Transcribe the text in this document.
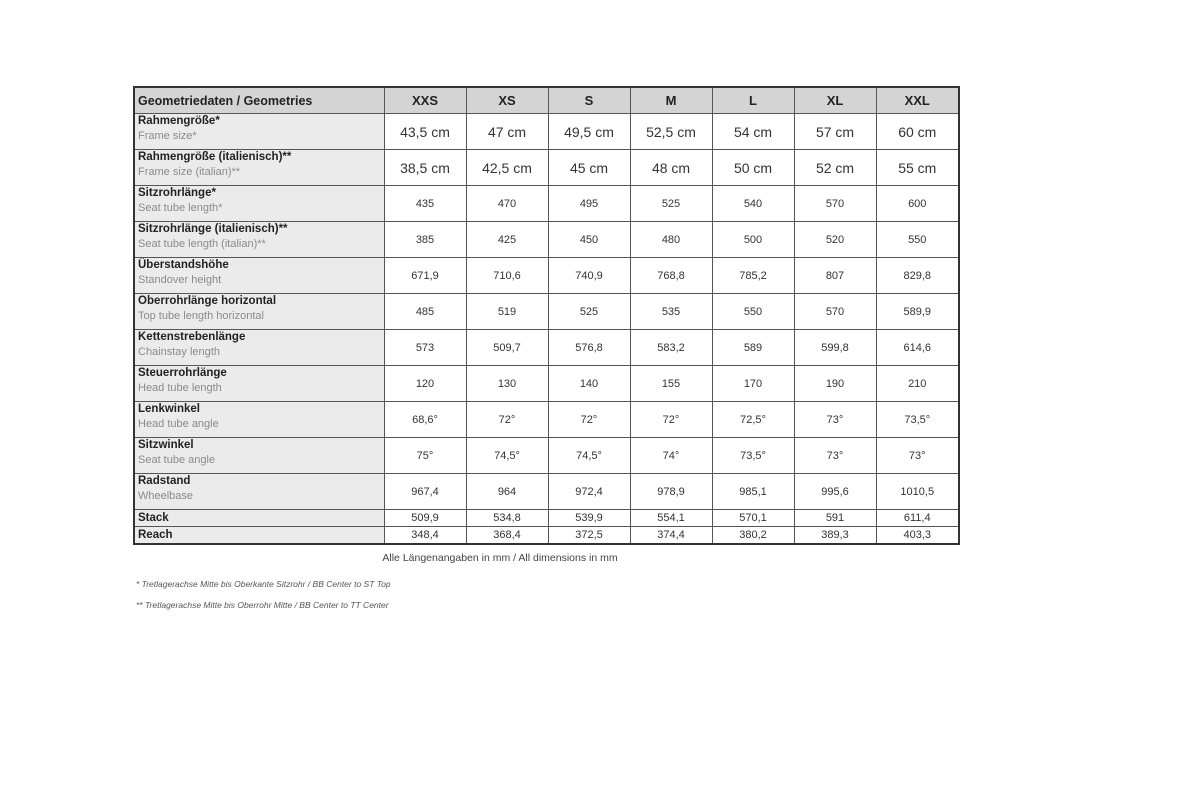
Geometriedaten / Geometries	XXS	XS	S	M	L	XL	XXL

Rahmengröße*
Frame size*	43,5 cm	47 cm	49,5 cm	52,5 cm	54 cm	57 cm	60 cm

Rahmengröße (italienisch)**
Frame size (italian)**	38,5 cm	42,5 cm	45 cm	48 cm	50 cm	52 cm	55 cm

Sitzrohrlänge*
Seat tube length*	435	470	495	525	540	570	600

Sitzrohrlänge (italienisch)**
Seat tube length (italian)**	385	425	450	480	500	520	550

Überstandshöhe
Standover height	671,9	710,6	740,9	768,8	785,2	807	829,8

Oberrohrlänge horizontal
Top tube length horizontal	485	519	525	535	550	570	589,9

Kettenstrebenlänge
Chainstay length	573	509,7	576,8	583,2	589	599,8	614,6

Steuerrohrlänge
Head tube length	120	130	140	155	170	190	210

Lenkwinkel
Head tube angle	68,6°	72°	72°	72°	72,5°	73°	73,5°

Sitzwinkel
Seat tube angle	75°	74,5°	74,5°	74°	73,5°	73°	73°

Radstand
Wheelbase	967,4	964	972,4	978,9	985,1	995,6	1010,5

Stack	509,9	534,8	539,9	554,1	570,1	591	611,4

Reach	348,4	368,4	372,5	374,4	380,2	389,3	403,3
Alle Längenangaben in mm / All dimensions in mm
* Tretlagerachse Mitte bis Oberkante Sitzrohr / BB Center to ST Top
** Tretlagerachse Mitte bis Oberrohr Mitte / BB Center to TT Center
